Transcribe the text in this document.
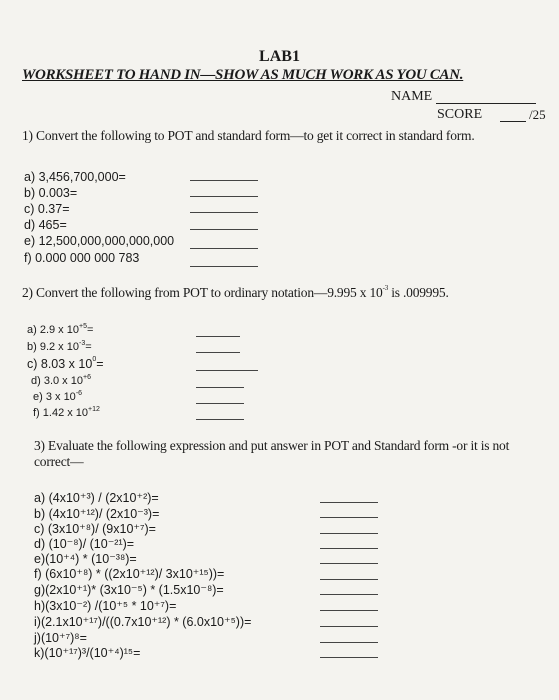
LAB1
WORKSHEET TO HAND IN—SHOW AS MUCH WORK AS YOU CAN.
NAME
SCORE	/25
1) Convert the following to POT and standard form—to get it correct in standard form.
a) 3,456,700,000=
b) 0.003=
c) 0.37=
d) 465=
e) 12,500,000,000,000,000
f) 0.000 000 000 783
2) Convert the following from POT to ordinary notation—9.995 x $10^{-3}$ is .009995.
a) 2.9 x $10^{+5}=$
b) 9.2 x $10^{-3}=$
c) 8.03 x $10^0=$
d) 3.0 x $10^{+6}$
e) 3 x $10^{-6}$
f) 1.42 x $10^{+12}$
3) Evaluate the following expression and put answer in POT and Standard form -or it is not
correct—
a) (4x10⁺³) / (2x10⁺²)=
b) (4x10⁺¹²)/ (2x10⁻³)=
c) (3x10⁺⁸)/ (9x10⁺⁷)=
d) (10⁻⁸)/ (10⁻²¹)=
e)(10⁺⁴) * (10⁻³⁸)=
f) (6x10⁺⁸) * ((2x10⁺¹²)/ 3x10⁺¹⁵))=
g)(2x10⁺¹)* (3x10⁻⁵) * (1.5x10⁻⁸)=
h)(3x10⁻²) /(10⁺⁵ * 10⁺⁷)=
i)(2.1x10⁺¹⁷)/((0.7x10⁺¹²) * (6.0x10⁺⁵))=
j)(10⁺⁷)⁸=
k)(10⁺¹⁷)³/(10⁺⁴)¹⁵=
